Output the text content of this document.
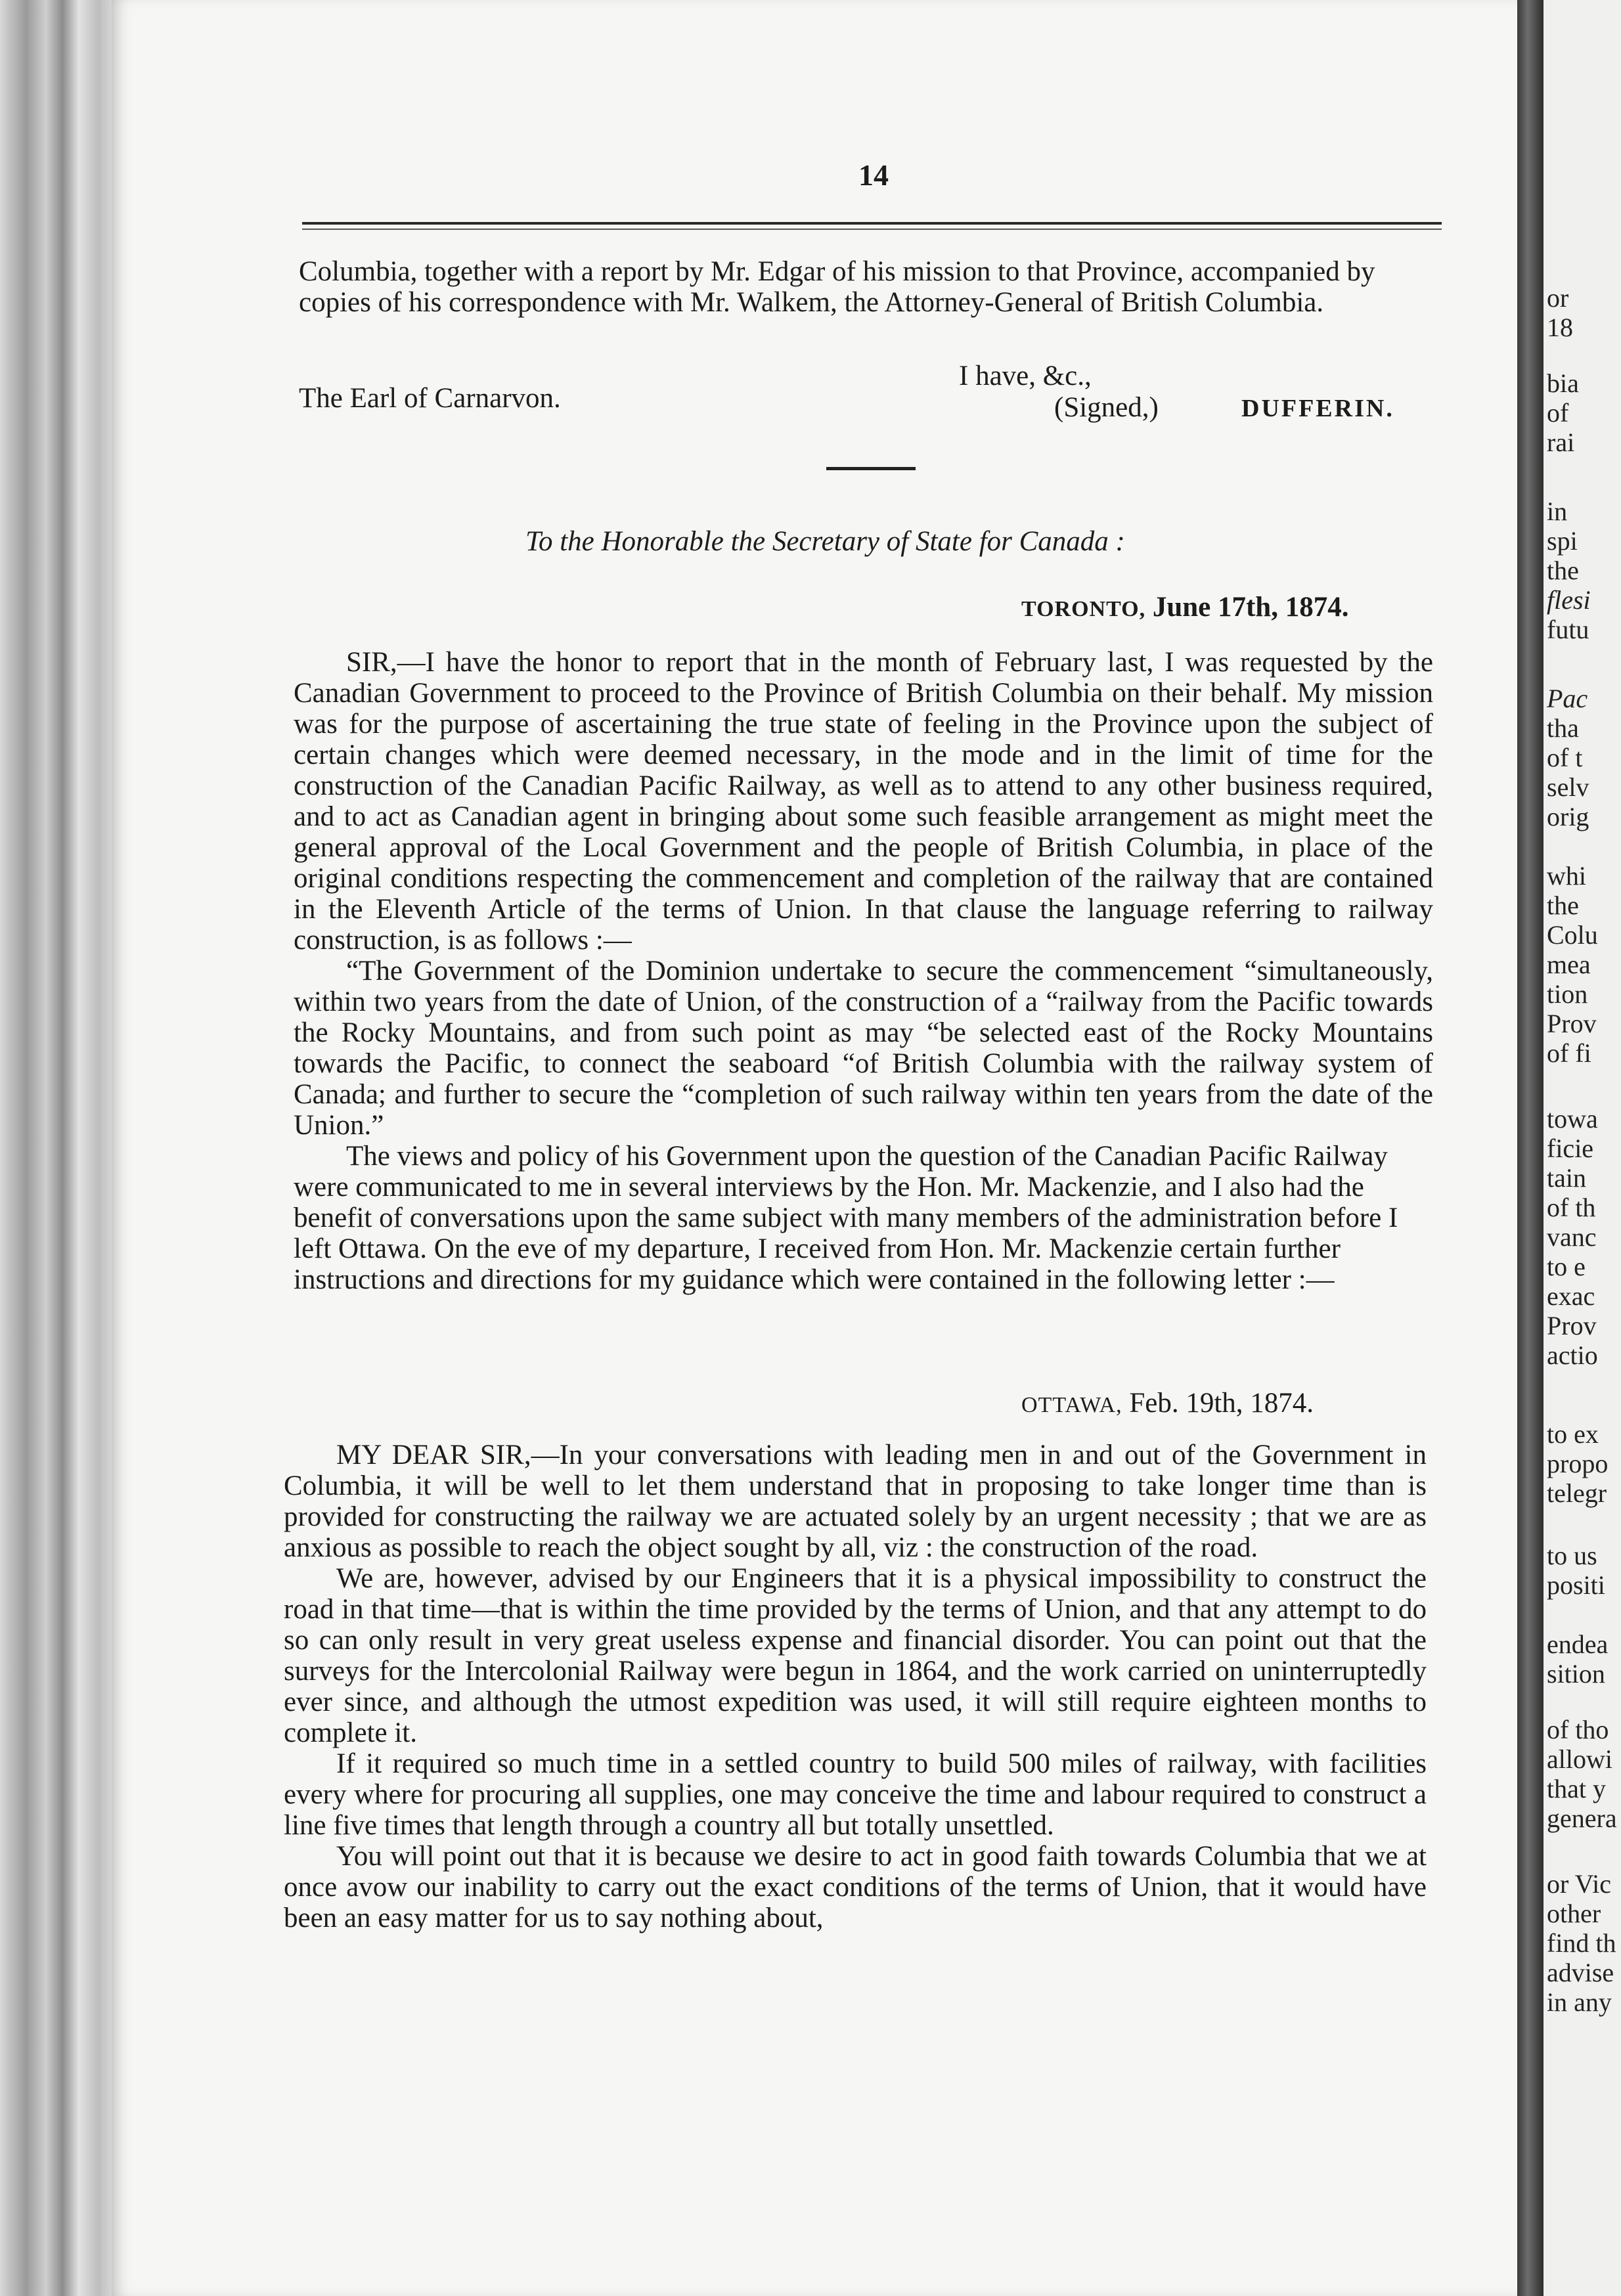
14

Columbia, together with a report by Mr. Edgar of his mission to that Province, accompanied by copies of his correspondence with Mr. Walkem, the Attorney-General of British Columbia.

I have, &c.,
The Earl of Carnarvon.	(Signed,)	DUFFERIN.
To the Honorable the Secretary of State for Canada :
TORONTO, June 17th, 1874.

SIR,—I have the honor to report that in the month of February last, I was requested by the Canadian Government to proceed to the Province of British Columbia on their behalf. My mission was for the purpose of ascertaining the true state of feeling in the Province upon the subject of certain changes which were deemed necessary, in the mode and in the limit of time for the construction of the Canadian Pacific Railway, as well as to attend to any other business required, and to act as Canadian agent in bringing about some such feasible arrangement as might meet the general approval of the Local Government and the people of British Columbia, in place of the original conditions respecting the commencement and completion of the railway that are contained in the Eleventh Article of the terms of Union. In that clause the language referring to railway construction, is as follows :—

“The Government of the Dominion undertake to secure the commencement “simultaneously, within two years from the date of Union, of the construction of a “railway from the Pacific towards the Rocky Mountains, and from such point as may “be selected east of the Rocky Mountains towards the Pacific, to connect the seaboard “of British Columbia with the railway system of Canada; and further to secure the “completion of such railway within ten years from the date of the Union.”

The views and policy of his Government upon the question of the Canadian Pacific Railway were communicated to me in several interviews by the Hon. Mr. Mackenzie, and I also had the benefit of conversations upon the same subject with many members of the administration before I left Ottawa. On the eve of my departure, I received from Hon. Mr. Mackenzie certain further instructions and directions for my guidance which were contained in the following letter :—

OTTAWA, Feb. 19th, 1874.

MY DEAR SIR,—In your conversations with leading men in and out of the Government in Columbia, it will be well to let them understand that in proposing to take longer time than is provided for constructing the railway we are actuated solely by an urgent necessity ; that we are as anxious as possible to reach the object sought by all, viz : the construction of the road.

We are, however, advised by our Engineers that it is a physical impossibility to construct the road in that time—that is within the time provided by the terms of Union, and that any attempt to do so can only result in very great useless expense and financial disorder. You can point out that the surveys for the Intercolonial Railway were begun in 1864, and the work carried on uninterruptedly ever since, and although the utmost expedition was used, it will still require eighteen months to complete it.

If it required so much time in a settled country to build 500 miles of railway, with facilities every where for procuring all supplies, one may conceive the time and labour required to construct a line five times that length through a country all but totally unsettled.

You will point out that it is because we desire to act in good faith towards Columbia that we at once avow our inability to carry out the exact conditions of the terms of Union, that it would have been an easy matter for us to say nothing about,

or
18
bia
of
rai
in
spi
the
flesi
futu
Pac
tha
of t
selv
orig
whi
the
Colu
mea
tion
Prov
of fi
towa
ficie
tain
of th
vanc
to e
exac
Prov
actio
to ex
propo
telegr
to us
positi
endea
sition
of tho
allowi
that y
genera
or Vic
other
find th
advise
in any
